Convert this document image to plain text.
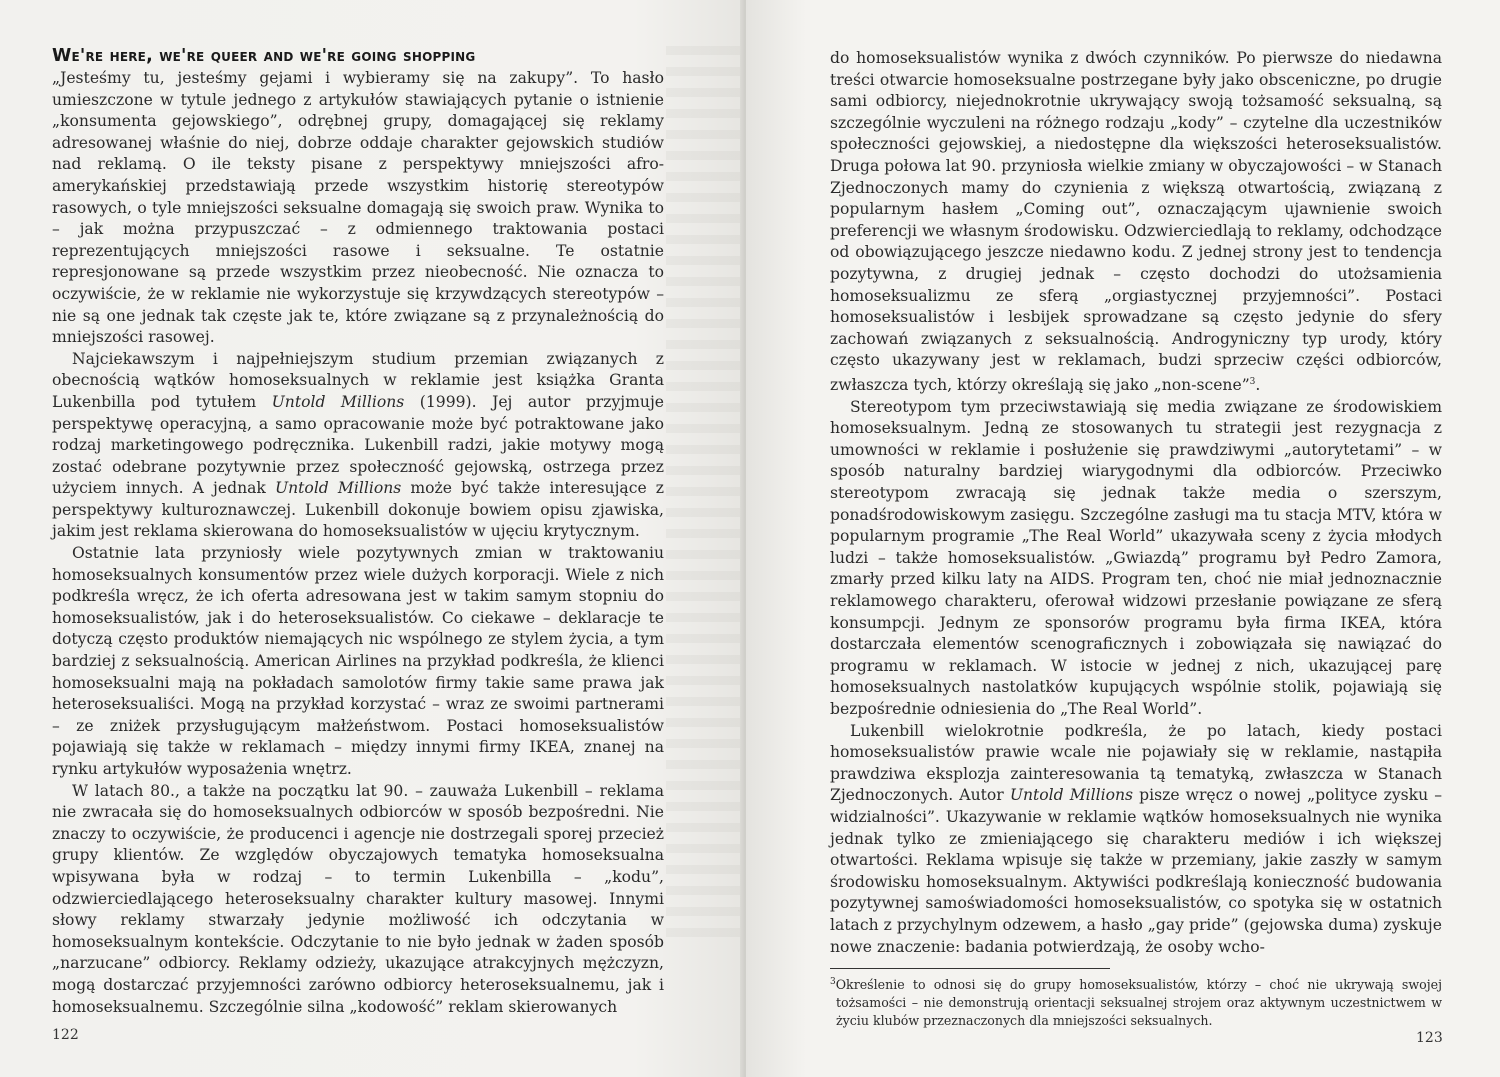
We're here, we're queer and we're going shopping

„Jesteśmy tu, jesteśmy gejami i wybieramy się na zakupy”. To hasło umieszczone w tytule jednego z artykułów stawiających pytanie o istnienie „konsumenta gejowskiego”, odrębnej grupy, domagającej się reklamy adresowanej właśnie do niej, dobrze oddaje charakter gejowskich studiów nad reklamą. O ile teksty pisane z perspektywy mniejszości afro-amerykańskiej przedstawiają przede wszystkim historię stereotypów rasowych, o tyle mniejszości seksualne domagają się swoich praw. Wynika to – jak można przypuszczać – z odmiennego traktowania postaci reprezentujących mniejszości rasowe i seksualne. Te ostatnie represjonowane są przede wszystkim przez nieobecność. Nie oznacza to oczywiście, że w reklamie nie wykorzystuje się krzywdzących stereotypów – nie są one jednak tak częste jak te, które związane są z przynależnością do mniejszości rasowej.

Najciekawszym i najpełniejszym studium przemian związanych z obecnością wątków homoseksualnych w reklamie jest książka Granta Lukenbilla pod tytułem Untold Millions (1999). Jej autor przyjmuje perspektywę operacyjną, a samo opracowanie może być potraktowane jako rodzaj marketingowego podręcznika. Lukenbill radzi, jakie motywy mogą zostać odebrane pozytywnie przez społeczność gejowską, ostrzega przez użyciem innych. A jednak Untold Millions może być także interesujące z perspektywy kulturoznawczej. Lukenbill dokonuje bowiem opisu zjawiska, jakim jest reklama skierowana do homoseksualistów w ujęciu krytycznym.

Ostatnie lata przyniosły wiele pozytywnych zmian w traktowaniu homoseksualnych konsumentów przez wiele dużych korporacji. Wiele z nich podkreśla wręcz, że ich oferta adresowana jest w takim samym stopniu do homoseksualistów, jak i do heteroseksualistów. Co ciekawe – deklaracje te dotyczą często produktów niemających nic wspólnego ze stylem życia, a tym bardziej z seksualnością. American Airlines na przykład podkreśla, że klienci homoseksualni mają na pokładach samolotów firmy takie same prawa jak heteroseksualiści. Mogą na przykład korzystać – wraz ze swoimi partnerami – ze zniżek przysługującym małżeństwom. Postaci homoseksualistów pojawiają się także w reklamach – między innymi firmy IKEA, znanej na rynku artykułów wyposażenia wnętrz.

W latach 80., a także na początku lat 90. – zauważa Lukenbill – reklama nie zwracała się do homoseksualnych odbiorców w sposób bezpośredni. Nie znaczy to oczywiście, że producenci i agencje nie dostrzegali sporej przecież grupy klientów. Ze względów obyczajowych tematyka homoseksualna wpisywana była w rodzaj – to termin Lukenbilla – „kodu”, odzwierciedlającego heteroseksualny charakter kultury masowej. Innymi słowy reklamy stwarzały jedynie możliwość ich odczytania w homoseksualnym kontekście. Odczytanie to nie było jednak w żaden sposób „narzucane” odbiorcy. Reklamy odzieży, ukazujące atrakcyjnych mężczyzn, mogą dostarczać przyjemności zarówno odbiorcy heteroseksualnemu, jak i homoseksualnemu. Szczególnie silna „kodowość” reklam skierowanych

122

do homoseksualistów wynika z dwóch czynników. Po pierwsze do niedawna treści otwarcie homoseksualne postrzegane były jako obsceniczne, po drugie sami odbiorcy, niejednokrotnie ukrywający swoją tożsamość seksualną, są szczególnie wyczuleni na różnego rodzaju „kody” – czytelne dla uczestników społeczności gejowskiej, a niedostępne dla większości heteroseksualistów. Druga połowa lat 90. przyniosła wielkie zmiany w obyczajowości – w Stanach Zjednoczonych mamy do czynienia z większą otwartością, związaną z popularnym hasłem „Coming out”, oznaczającym ujawnienie swoich preferencji we własnym środowisku. Odzwierciedlają to reklamy, odchodzące od obowiązującego jeszcze niedawno kodu. Z jednej strony jest to tendencja pozytywna, z drugiej jednak – często dochodzi do utożsamienia homoseksualizmu ze sferą „orgiastycznej przyjemności”. Postaci homoseksualistów i lesbijek sprowadzane są często jedynie do sfery zachowań związanych z seksualnością. Androgyniczny typ urody, który często ukazywany jest w reklamach, budzi sprzeciw części odbiorców, zwłaszcza tych, którzy określają się jako „non-scene”$^3$.

Stereotypom tym przeciwstawiają się media związane ze środowiskiem homoseksualnym. Jedną ze stosowanych tu strategii jest rezygnacja z umowności w reklamie i posłużenie się prawdziwymi „autorytetami” – w sposób naturalny bardziej wiarygodnymi dla odbiorców. Przeciwko stereotypom zwracają się jednak także media o szerszym, ponadśrodowiskowym zasięgu. Szczególne zasługi ma tu stacja MTV, która w popularnym programie „The Real World” ukazywała sceny z życia młodych ludzi – także homoseksualistów. „Gwiazdą” programu był Pedro Zamora, zmarły przed kilku laty na AIDS. Program ten, choć nie miał jednoznacznie reklamowego charakteru, oferował widzowi przesłanie powiązane ze sferą konsumpcji. Jednym ze sponsorów programu była firma IKEA, która dostarczała elementów scenograficznych i zobowiązała się nawiązać do programu w reklamach. W istocie w jednej z nich, ukazującej parę homoseksualnych nastolatków kupujących wspólnie stolik, pojawiają się bezpośrednie odniesienia do „The Real World”.

Lukenbill wielokrotnie podkreśla, że po latach, kiedy postaci homoseksualistów prawie wcale nie pojawiały się w reklamie, nastąpiła prawdziwa eksplozja zainteresowania tą tematyką, zwłaszcza w Stanach Zjednoczonych. Autor Untold Millions pisze wręcz o nowej „polityce zysku – widzialności”. Ukazywanie w reklamie wątków homoseksualnych nie wynika jednak tylko ze zmieniającego się charakteru mediów i ich większej otwartości. Reklama wpisuje się także w przemiany, jakie zaszły w samym środowisku homoseksualnym. Aktywiści podkreślają konieczność budowania pozytywnej samoświadomości homoseksualistów, co spotyka się w ostatnich latach z przychylnym odzewem, a hasło „gay pride” (gejowska duma) zyskuje nowe znaczenie: badania potwierdzają, że osoby wcho-

$^3$Określenie to odnosi się do grupy homoseksualistów, którzy – choć nie ukrywają swojej tożsamości – nie demonstrują orientacji seksualnej strojem oraz aktywnym uczestnictwem w życiu klubów przeznaczonych dla mniejszości seksualnych.

123
